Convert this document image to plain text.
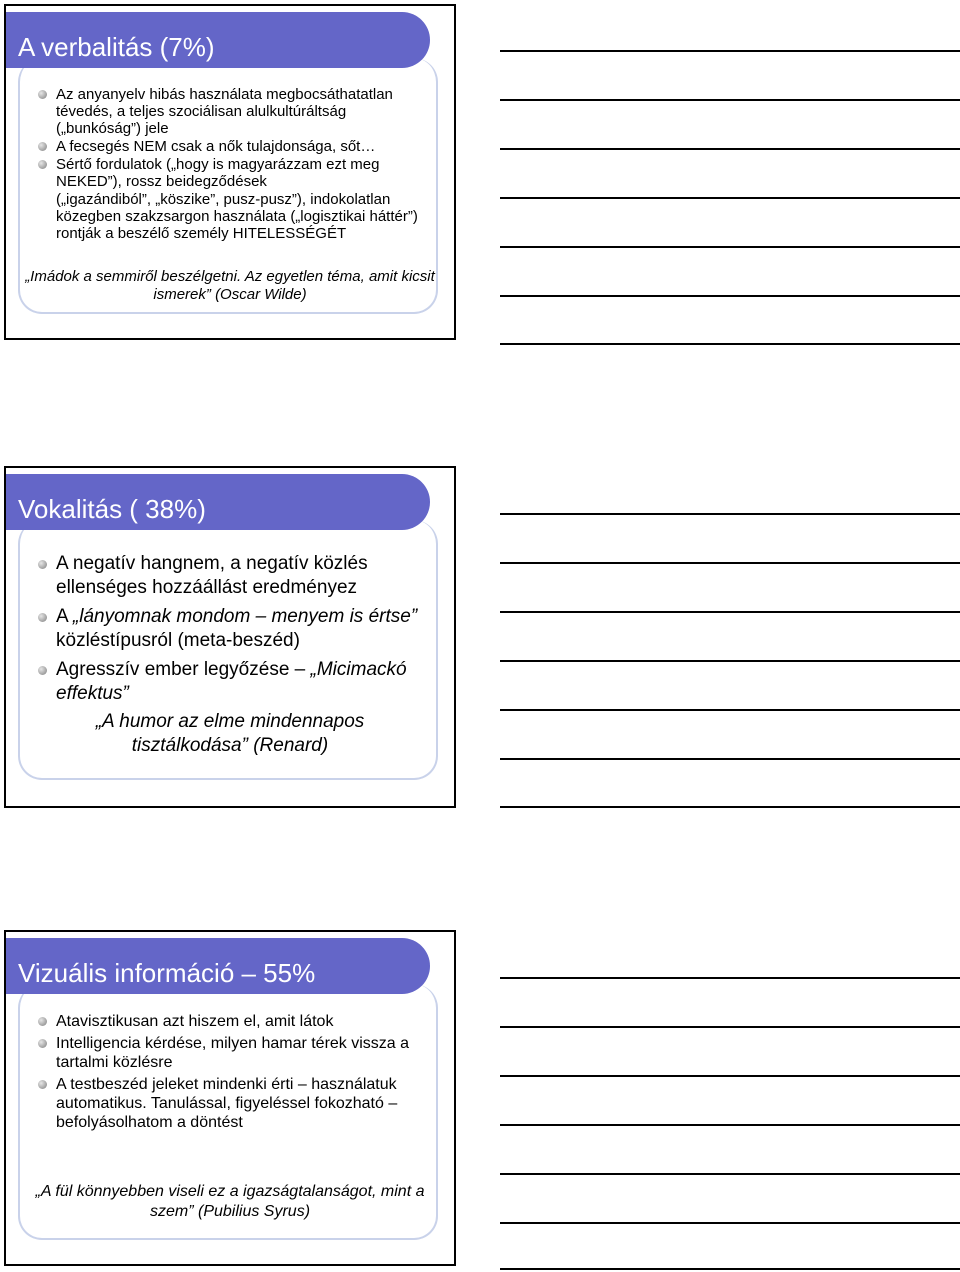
A verbalitás (7%)
Az anyanyelv hibás használata megbocsáthatatlan tévedés, a teljes szociálisan alulkultúráltság („bunkóság”) jele
A fecsegés NEM csak a nők tulajdonsága, sőt…
Sértő fordulatok („hogy is magyarázzam ezt meg NEKED”), rossz beidegződések
(„igazándiból”, „köszike”, pusz-pusz”), indokolatlan közegben szakzsargon használata („logisztikai háttér”) rontják a beszélő személy HITELESSÉGÉT
„Imádok a semmiről beszélgetni. Az egyetlen téma, amit kicsit ismerek” (Oscar Wilde)
Vokalitás ( 38%)
A negatív hangnem, a negatív közlés ellenséges hozzáállást eredményez
A „lányomnak mondom – menyem is értse” közléstípusról (meta-beszéd)
Agresszív ember legyőzése – „Micimackó effektus”
„A humor az elme mindennapos tisztálkodása” (Renard)
Vizuális információ – 55%
Atavisztikusan azt hiszem el, amit látok
Intelligencia kérdése, milyen hamar térek vissza a tartalmi közlésre
A testbeszéd jeleket mindenki érti – használatuk automatikus. Tanulással, figyeléssel fokozható – befolyásolhatom a döntést
„A fül könnyebben viseli ez a igazságtalanságot, mint a szem” (Pubilius Syrus)
